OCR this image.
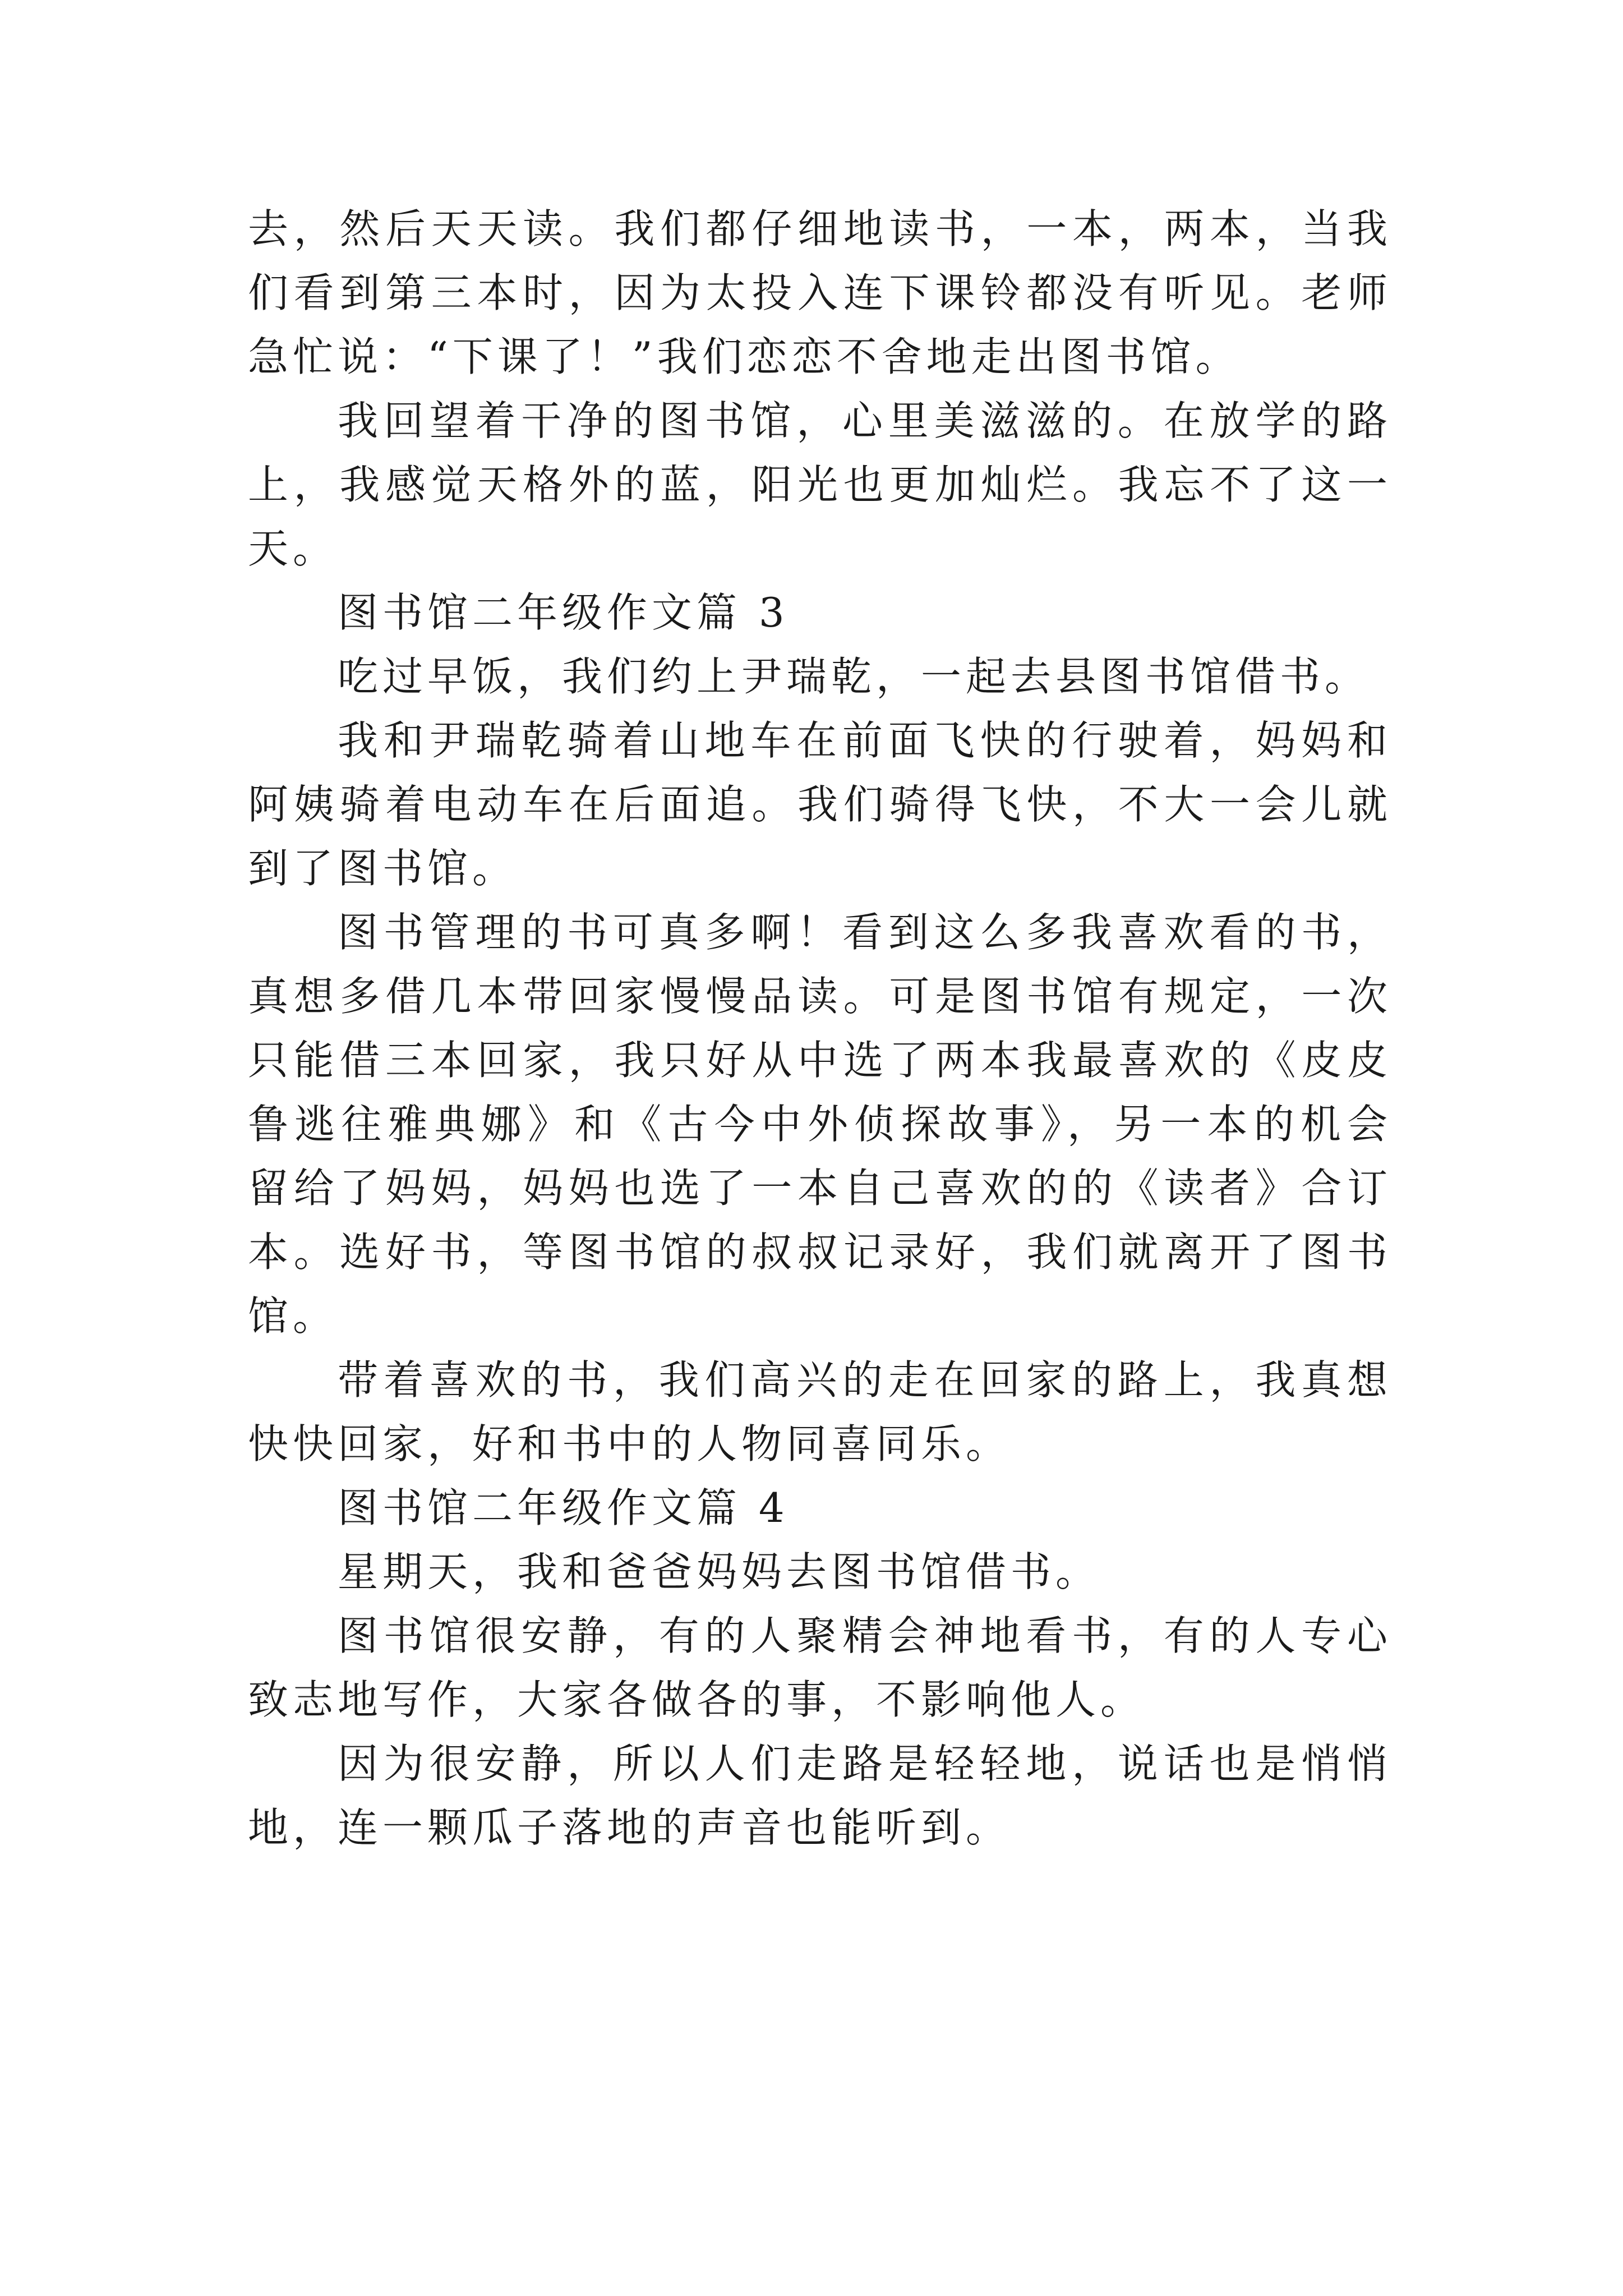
去，然后天天读。我们都仔细地读书，一本，两本，当我们看到第三本时，因为太投入连下课铃都没有听见。老师急忙说：“下课了！”我们恋恋不舍地走出图书馆。

我回望着干净的图书馆，心里美滋滋的。在放学的路上，我感觉天格外的蓝，阳光也更加灿烂。我忘不了这一天。

图书馆二年级作文篇 3

吃过早饭，我们约上尹瑞乾，一起去县图书馆借书。

我和尹瑞乾骑着山地车在前面飞快的行驶着，妈妈和阿姨骑着电动车在后面追。我们骑得飞快，不大一会儿就到了图书馆。

图书管理的书可真多啊！看到这么多我喜欢看的书，真想多借几本带回家慢慢品读。可是图书馆有规定，一次只能借三本回家，我只好从中选了两本我最喜欢的《皮皮鲁逃往雅典娜》和《古今中外侦探故事》，另一本的机会留给了妈妈，妈妈也选了一本自己喜欢的的《读者》合订本。选好书，等图书馆的叔叔记录好，我们就离开了图书馆。

带着喜欢的书，我们高兴的走在回家的路上，我真想快快回家，好和书中的人物同喜同乐。

图书馆二年级作文篇 4

星期天，我和爸爸妈妈去图书馆借书。

图书馆很安静，有的人聚精会神地看书，有的人专心致志地写作，大家各做各的事，不影响他人。

因为很安静，所以人们走路是轻轻地，说话也是悄悄地，连一颗瓜子落地的声音也能听到。
